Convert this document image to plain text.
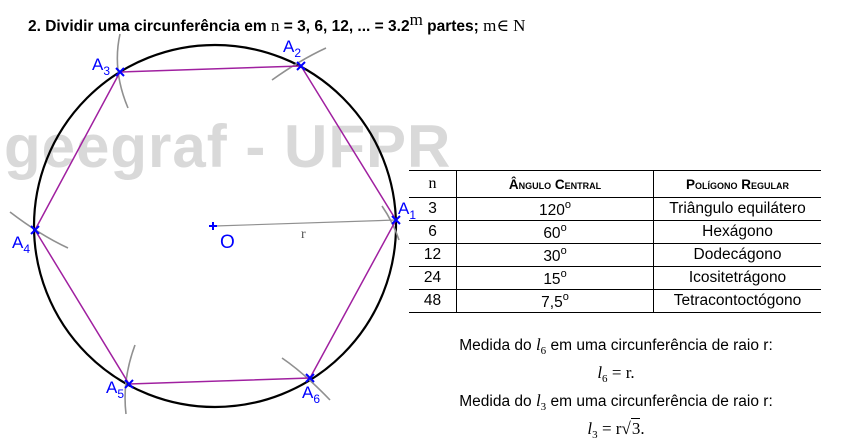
geegraf - UFPR
2. Dividir uma circunferência em n = 3, 6, 12, ... = $3.2^m$ partes; m∈ N
r
O
$A_1$
$A_2$
$A_3$
$A_4$
$A_5$	$A_6$
n	Ângulo Central	Polígono Regular
3	120$^o$	Triângulo equilátero
6	60$^o$	Hexágono
12	30$^o$	Dodecágono
24	15$^o$	Icositetrágono
48	7,5$^o$	Tetracontoctógono
Medida do $l_6$ em uma circunferência de raio r:
$l_6 = r$.
Medida do $l_3$ em uma circunferência de raio r:
$l_3 = r√3$.
